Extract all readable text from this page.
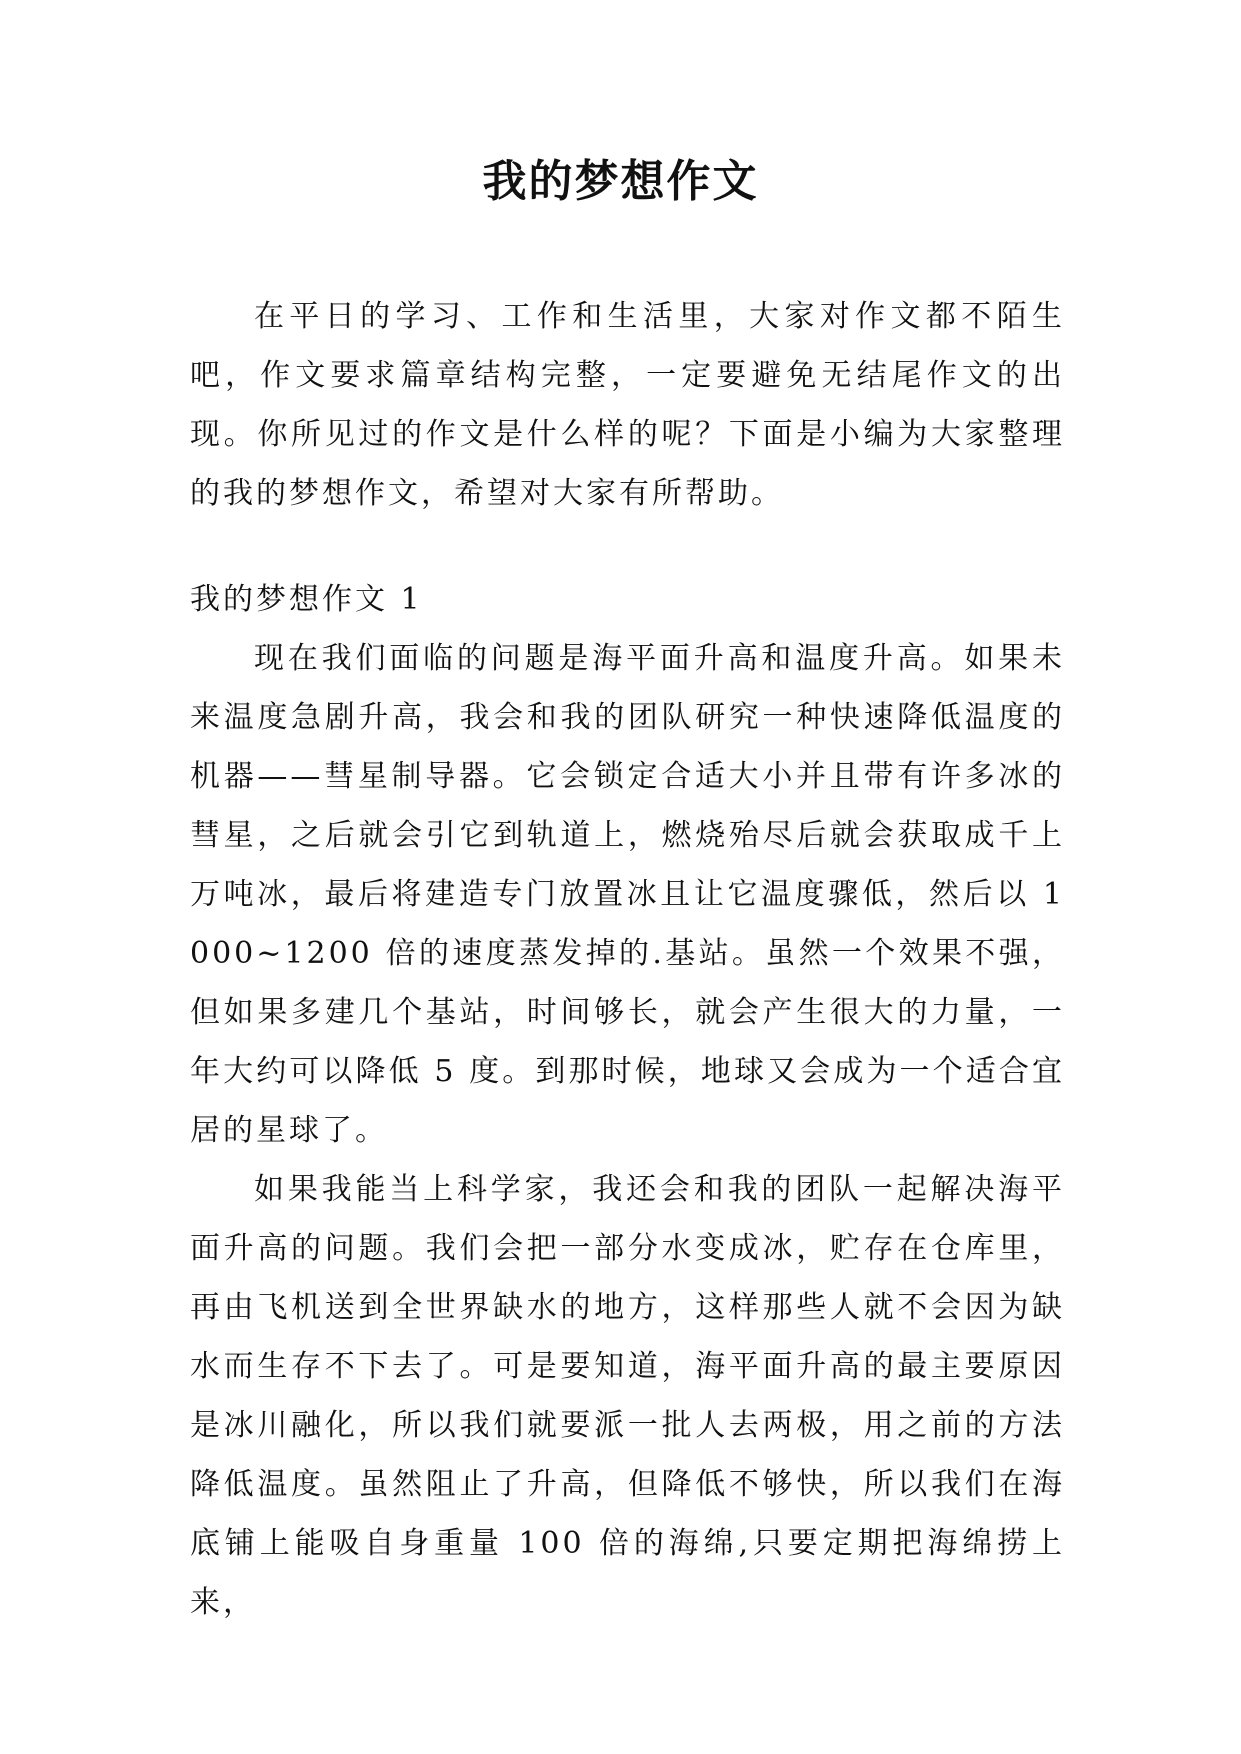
我的梦想作文

在平日的学习、工作和生活里，大家对作文都不陌生吧，作文要求篇章结构完整，一定要避免无结尾作文的出现。你所见过的作文是什么样的呢？下面是小编为大家整理的我的梦想作文，希望对大家有所帮助。

我的梦想作文 1

现在我们面临的问题是海平面升高和温度升高。如果未来温度急剧升高，我会和我的团队研究一种快速降低温度的机器——彗星制导器。它会锁定合适大小并且带有许多冰的彗星，之后就会引它到轨道上，燃烧殆尽后就会获取成千上万吨冰，最后将建造专门放置冰且让它温度骤低，然后以 1000~1200 倍的速度蒸发掉的.基站。虽然一个效果不强，但如果多建几个基站，时间够长，就会产生很大的力量，一年大约可以降低 5 度。到那时候，地球又会成为一个适合宜居的星球了。

如果我能当上科学家，我还会和我的团队一起解决海平面升高的问题。我们会把一部分水变成冰，贮存在仓库里，再由飞机送到全世界缺水的地方，这样那些人就不会因为缺水而生存不下去了。可是要知道，海平面升高的最主要原因是冰川融化，所以我们就要派一批人去两极，用之前的方法降低温度。虽然阻止了升高，但降低不够快，所以我们在海底铺上能吸自身重量 100 倍的海绵,只要定期把海绵捞上来，
